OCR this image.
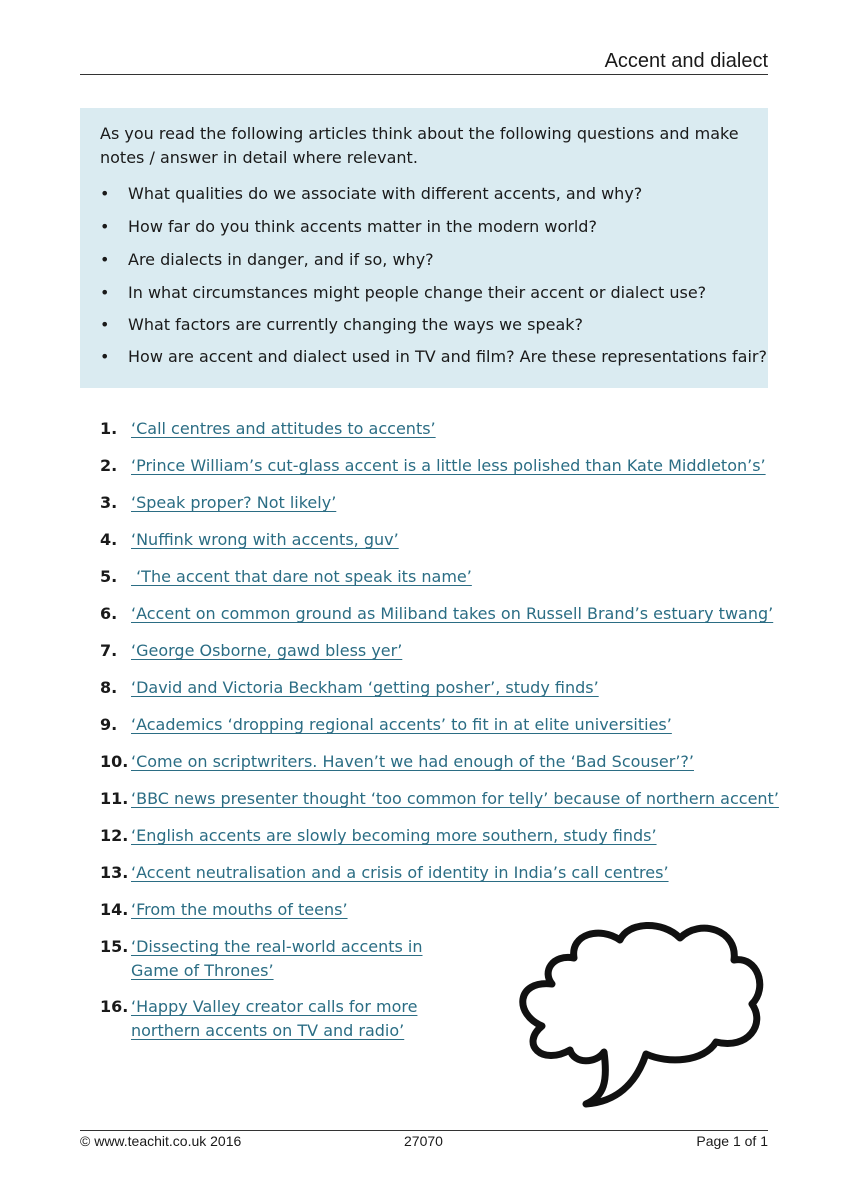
Accent and dialect

As you read the following articles think about the following questions and make notes / answer in detail where relevant.

• What qualities do we associate with different accents, and why?
• How far do you think accents matter in the modern world?
• Are dialects in danger, and if so, why?
• In what circumstances might people change their accent or dialect use?
• What factors are currently changing the ways we speak?
• How are accent and dialect used in TV and film? Are these representations fair?
1. ‘Call centres and attitudes to accents’
2. ‘Prince William’s cut-glass accent is a little less polished than Kate Middleton’s’
3. ‘Speak proper? Not likely’
4. ‘Nuffink wrong with accents, guv’
5. ‘The accent that dare not speak its name’
6. ‘Accent on common ground as Miliband takes on Russell Brand’s estuary twang’
7. ‘George Osborne, gawd bless yer’
8. ‘David and Victoria Beckham ‘getting posher’, study finds’
9. ‘Academics ‘dropping regional accents’ to fit in at elite universities’
10. ‘Come on scriptwriters. Haven’t we had enough of the ‘Bad Scouser’?’
11. ‘BBC news presenter thought ‘too common for telly’ because of northern accent’
12. ‘English accents are slowly becoming more southern, study finds’
13. ‘Accent neutralisation and a crisis of identity in India’s call centres’
14. ‘From the mouths of teens’
15. ‘Dissecting the real-world accents in Game of Thrones’
16. ‘Happy Valley creator calls for more northern accents on TV and radio’
© www.teachit.co.uk 2016	27070	Page 1 of 1
